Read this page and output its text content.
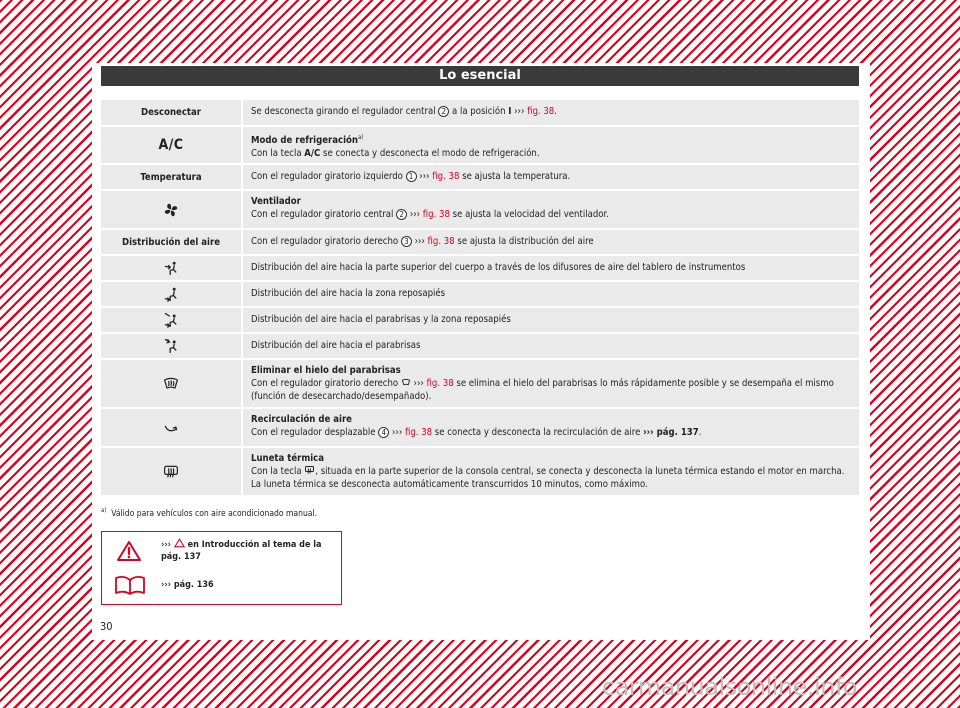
Lo esencial
Desconectar	Se desconecta girando el regulador central 2 a la posición Ⅰ ››› fig. 38.
A/C	Modo de refrigeración$^{a)}$
Con la tecla A/C se conecta y desconecta el modo de refrigeración.
Temperatura	Con el regulador giratorio izquierdo 1 ››› fig. 38 se ajusta la temperatura.
Ventilador
Con el regulador giratorio central 2 ››› fig. 38 se ajusta la velocidad del ventilador.
Distribución del aire	Con el regulador giratorio derecho 3 ››› fig. 38 se ajusta la distribución del aire
Distribución del aire hacia la parte superior del cuerpo a través de los difusores de aire del tablero de instrumentos
Distribución del aire hacia la zona reposapiés
Distribución del aire hacia el parabrisas y la zona reposapiés
Distribución del aire hacia el parabrisas
Eliminar el hielo del parabrisas
Con el regulador giratorio derecho  ››› fig. 38 se elimina el hielo del parabrisas lo más rápidamente posible y se desempaña el mismo (función de desecarchado/desempañado).
Recirculación de aire
Con el regulador desplazable 4 ››› fig. 38 se conecta y desconecta la recirculación de aire ››› pág. 137.
Luneta térmica
Con la tecla , situada en la parte superior de la consola central, se conecta y desconecta la luneta térmica estando el motor en marcha. La luneta térmica se desconecta automáticamente transcurridos 10 minutos, como máximo.
$^{a)}$ Válido para vehículos con aire acondicionado manual.
›››  en Introducción al tema de la pág. 137
››› pág. 136
30
carmanualsonline.info
